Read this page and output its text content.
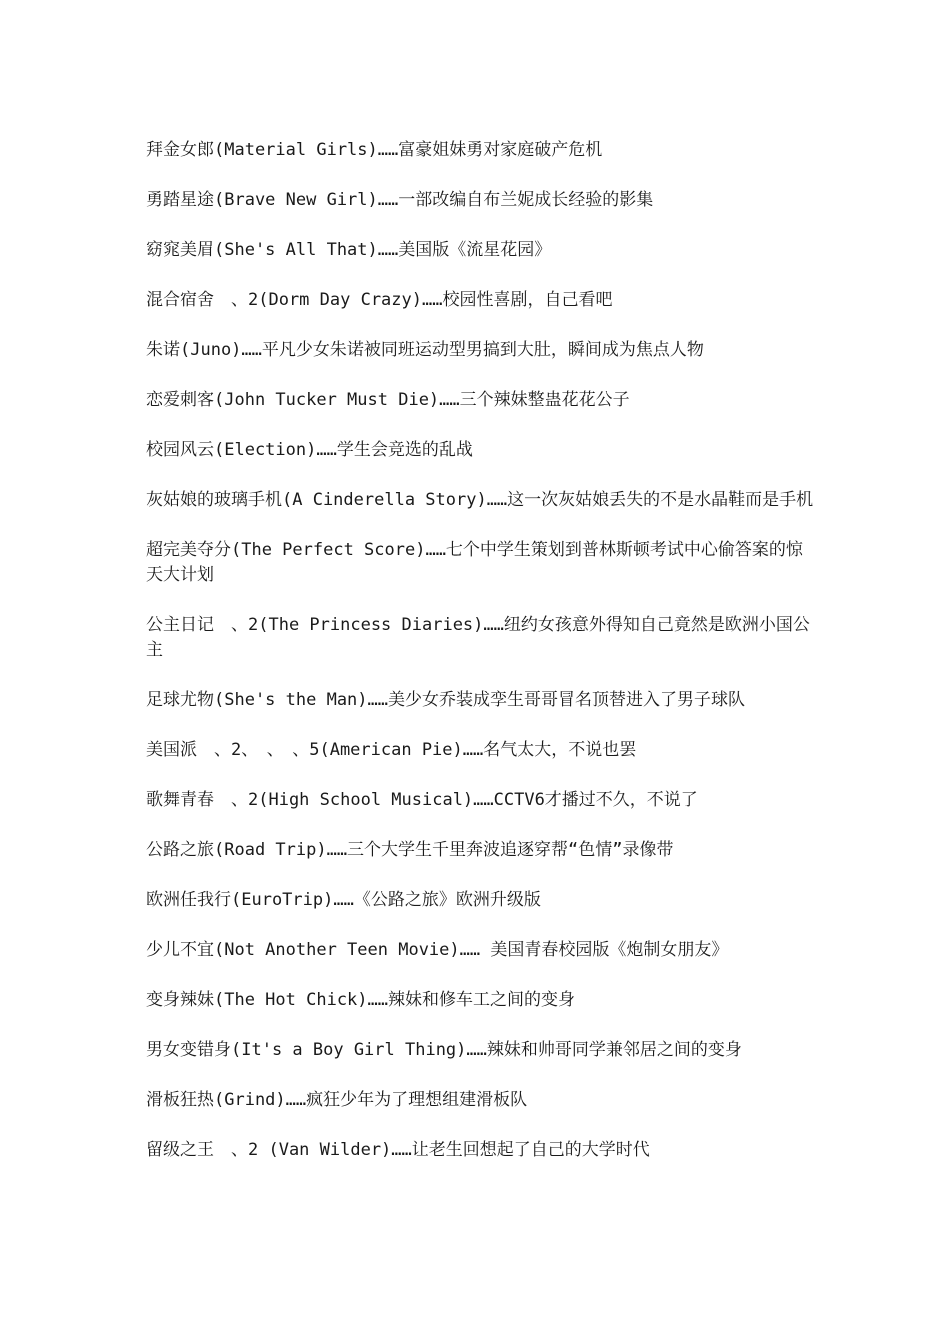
拜金女郎(Material Girls)……富豪姐妹勇对家庭破产危机

勇踏星途(Brave New Girl)……一部改编自布兰妮成长经验的影集

窈窕美眉(She's All That)……美国版《流星花园》

混合宿舍　、2(Dorm Day Crazy)……校园性喜剧，自己看吧

朱诺(Juno)……平凡少女朱诺被同班运动型男搞到大肚，瞬间成为焦点人物

恋爱刺客(John Tucker Must Die)……三个辣妹整蛊花花公子

校园风云(Election)……学生会竞选的乱战

灰姑娘的玻璃手机(A Cinderella Story)……这一次灰姑娘丢失的不是水晶鞋而是手机

超完美夺分(The Perfect Score)……七个中学生策划到普林斯顿考试中心偷答案的惊天大计划

公主日记　、2(The Princess Diaries)……纽约女孩意外得知自己竟然是欧洲小国公主

足球尤物(She's the Man)……美少女乔装成孪生哥哥冒名顶替进入了男子球队

美国派　、2、　、　、5(American Pie)……名气太大，不说也罢

歌舞青春　、2(High School Musical)……CCTV6才播过不久，不说了

公路之旅(Road Trip)……三个大学生千里奔波追逐穿帮“色情”录像带

欧洲任我行(EuroTrip)……《公路之旅》欧洲升级版

少儿不宜(Not Another Teen Movie)…… 美国青春校园版《炮制女朋友》

变身辣妹(The Hot Chick)……辣妹和修车工之间的变身

男女变错身(It's a Boy Girl Thing)……辣妹和帅哥同学兼邻居之间的变身

滑板狂热(Grind)……疯狂少年为了理想组建滑板队

留级之王　、2 (Van Wilder)……让老生回想起了自己的大学时代
